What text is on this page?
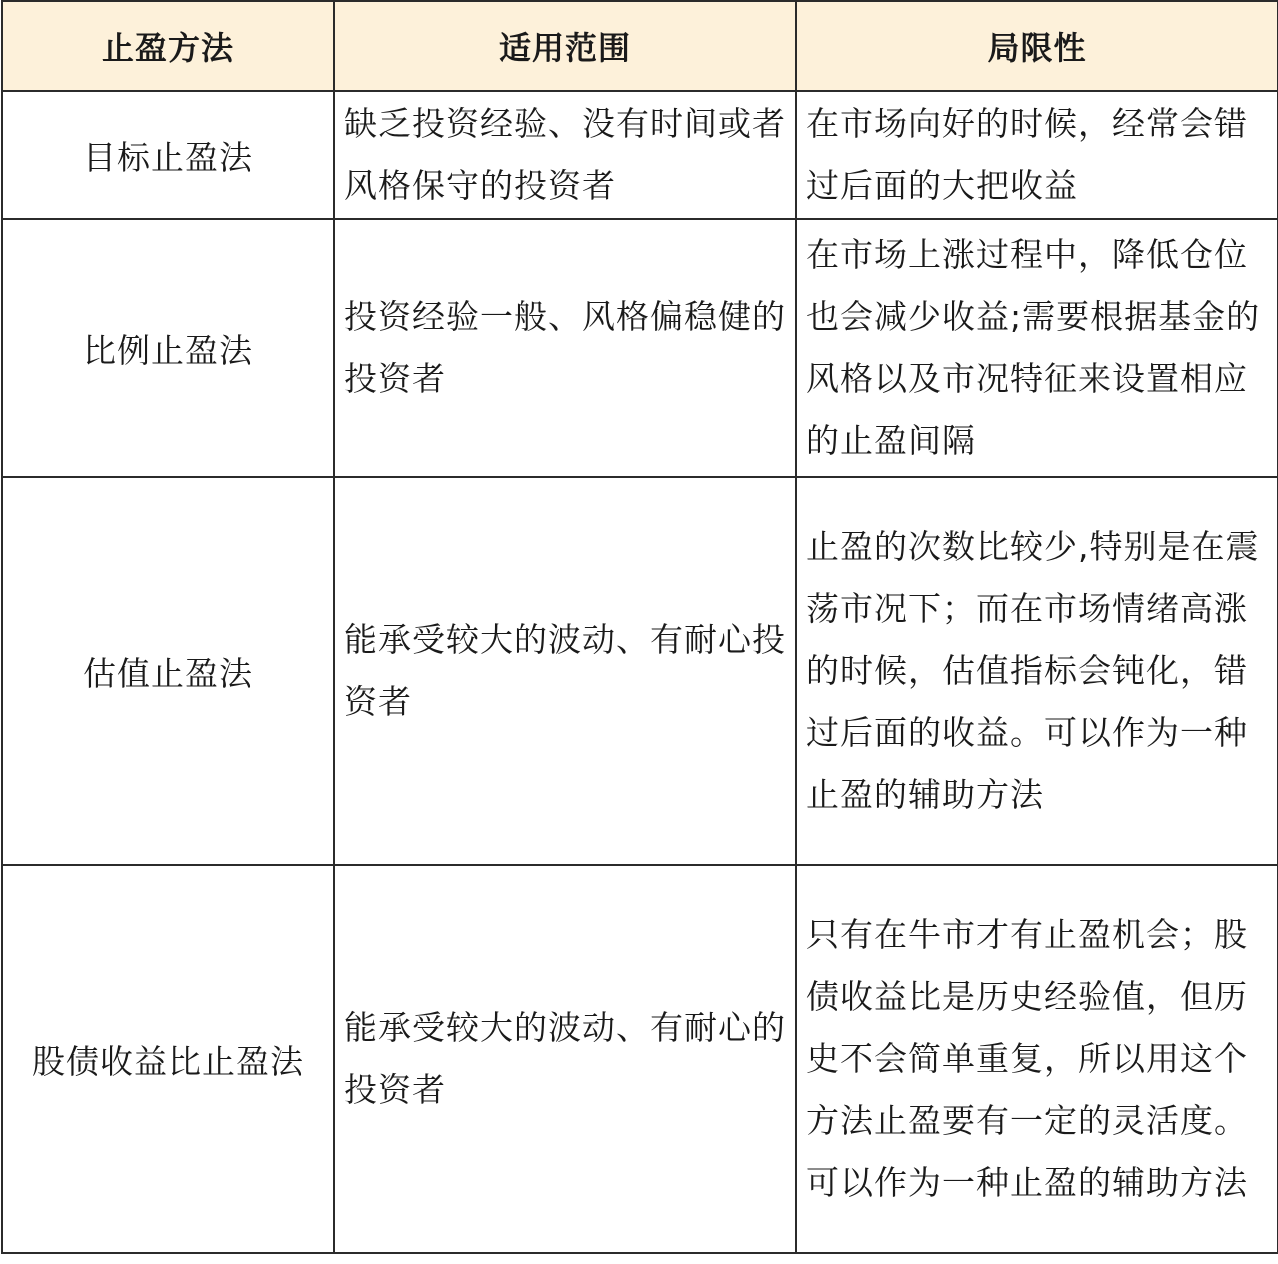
止盈方法	适用范围	局限性
目标止盈法	缺乏投资经验、没有时间或者风格保守的投资者	在市场向好的时候，经常会错过后面的大把收益
比例止盈法	投资经验一般、风格偏稳健的投资者	在市场上涨过程中，降低仓位也会减少收益;需要根据基金的风格以及市况特征来设置相应的止盈间隔
估值止盈法	能承受较大的波动、有耐心投资者	止盈的次数比较少,特别是在震荡市况下；而在市场情绪高涨的时候，估值指标会钝化，错过后面的收益。可以作为一种止盈的辅助方法
股债收益比止盈法	能承受较大的波动、有耐心的投资者	只有在牛市才有止盈机会；股债收益比是历史经验值，但历史不会简单重复，所以用这个方法止盈要有一定的灵活度。可以作为一种止盈的辅助方法
